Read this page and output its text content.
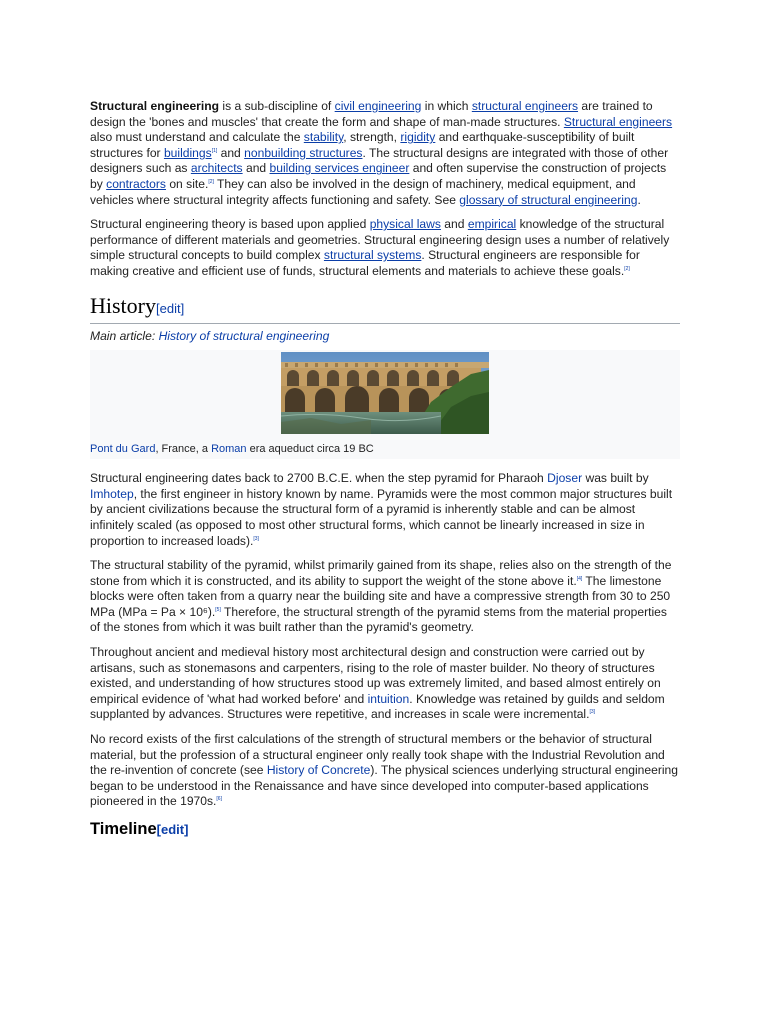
Structural engineering is a sub-discipline of civil engineering in which structural engineers are trained to design the 'bones and muscles' that create the form and shape of man-made structures. Structural engineers also must understand and calculate the stability, strength, rigidity and earthquake-susceptibility of built structures for buildings[1] and nonbuilding structures. The structural designs are integrated with those of other designers such as architects and building services engineer and often supervise the construction of projects by contractors on site.[2] They can also be involved in the design of machinery, medical equipment, and vehicles where structural integrity affects functioning and safety. See glossary of structural engineering.

Structural engineering theory is based upon applied physical laws and empirical knowledge of the structural performance of different materials and geometries. Structural engineering design uses a number of relatively simple structural concepts to build complex structural systems. Structural engineers are responsible for making creative and efficient use of funds, structural elements and materials to achieve these goals.[2]

History[edit]
Main article: History of structural engineering
Pont du Gard, France, a Roman era aqueduct circa 19 BC

Structural engineering dates back to 2700 B.C.E. when the step pyramid for Pharaoh Djoser was built by Imhotep, the first engineer in history known by name. Pyramids were the most common major structures built by ancient civilizations because the structural form of a pyramid is inherently stable and can be almost infinitely scaled (as opposed to most other structural forms, which cannot be linearly increased in size in proportion to increased loads).[3]

The structural stability of the pyramid, whilst primarily gained from its shape, relies also on the strength of the stone from which it is constructed, and its ability to support the weight of the stone above it.[4] The limestone blocks were often taken from a quarry near the building site and have a compressive strength from 30 to 250 MPa (MPa = Pa × 10⁶).[5] Therefore, the structural strength of the pyramid stems from the material properties of the stones from which it was built rather than the pyramid's geometry.

Throughout ancient and medieval history most architectural design and construction were carried out by artisans, such as stonemasons and carpenters, rising to the role of master builder. No theory of structures existed, and understanding of how structures stood up was extremely limited, and based almost entirely on empirical evidence of 'what had worked before' and intuition. Knowledge was retained by guilds and seldom supplanted by advances. Structures were repetitive, and increases in scale were incremental.[3]

No record exists of the first calculations of the strength of structural members or the behavior of structural material, but the profession of a structural engineer only really took shape with the Industrial Revolution and the re-invention of concrete (see History of Concrete). The physical sciences underlying structural engineering began to be understood in the Renaissance and have since developed into computer-based applications pioneered in the 1970s.[6]

Timeline[edit]
